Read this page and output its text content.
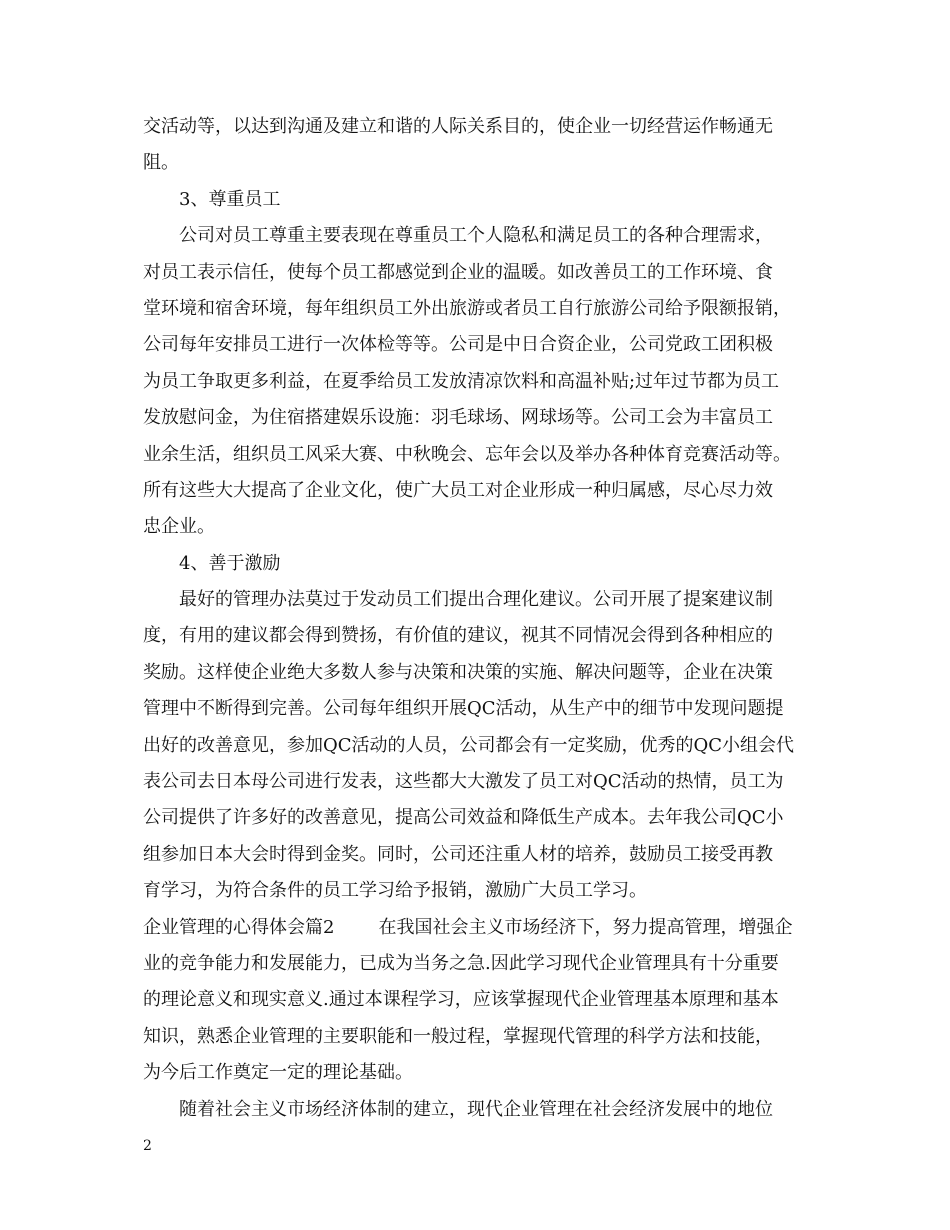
交活动等，以达到沟通及建立和谐的人际关系目的，使企业一切经营运作畅通无
阻。
3、尊重员工
公司对员工尊重主要表现在尊重员工个人隐私和满足员工的各种合理需求，
对员工表示信任，使每个员工都感觉到企业的温暖。如改善员工的工作环境、食
堂环境和宿舍环境，每年组织员工外出旅游或者员工自行旅游公司给予限额报销，
公司每年安排员工进行一次体检等等。公司是中日合资企业，公司党政工团积极
为员工争取更多利益，在夏季给员工发放清凉饮料和高温补贴;过年过节都为员工
发放慰问金，为住宿搭建娱乐设施：羽毛球场、网球场等。公司工会为丰富员工
业余生活，组织员工风采大赛、中秋晚会、忘年会以及举办各种体育竞赛活动等。
所有这些大大提高了企业文化，使广大员工对企业形成一种归属感，尽心尽力效
忠企业。
4、善于激励
最好的管理办法莫过于发动员工们提出合理化建议。公司开展了提案建议制
度，有用的建议都会得到赞扬，有价值的建议，视其不同情况会得到各种相应的
奖励。这样使企业绝大多数人参与决策和决策的实施、解决问题等，企业在决策
管理中不断得到完善。公司每年组织开展QC活动，从生产中的细节中发现问题提
出好的改善意见，参加QC活动的人员，公司都会有一定奖励，优秀的QC小组会代
表公司去日本母公司进行发表，这些都大大激发了员工对QC活动的热情，员工为
公司提供了许多好的改善意见，提高公司效益和降低生产成本。去年我公司QC小
组参加日本大会时得到金奖。同时，公司还注重人材的培养，鼓励员工接受再教
育学习，为符合条件的员工学习给予报销，激励广大员工学习。
企业管理的心得体会篇2 在我国社会主义市场经济下，努力提高管理，增强企
业的竞争能力和发展能力，已成为当务之急.因此学习现代企业管理具有十分重要
的理论意义和现实意义.通过本课程学习，应该掌握现代企业管理基本原理和基本
知识，熟悉企业管理的主要职能和一般过程，掌握现代管理的科学方法和技能，
为今后工作奠定一定的理论基础。
随着社会主义市场经济体制的建立，现代企业管理在社会经济发展中的地位
2
